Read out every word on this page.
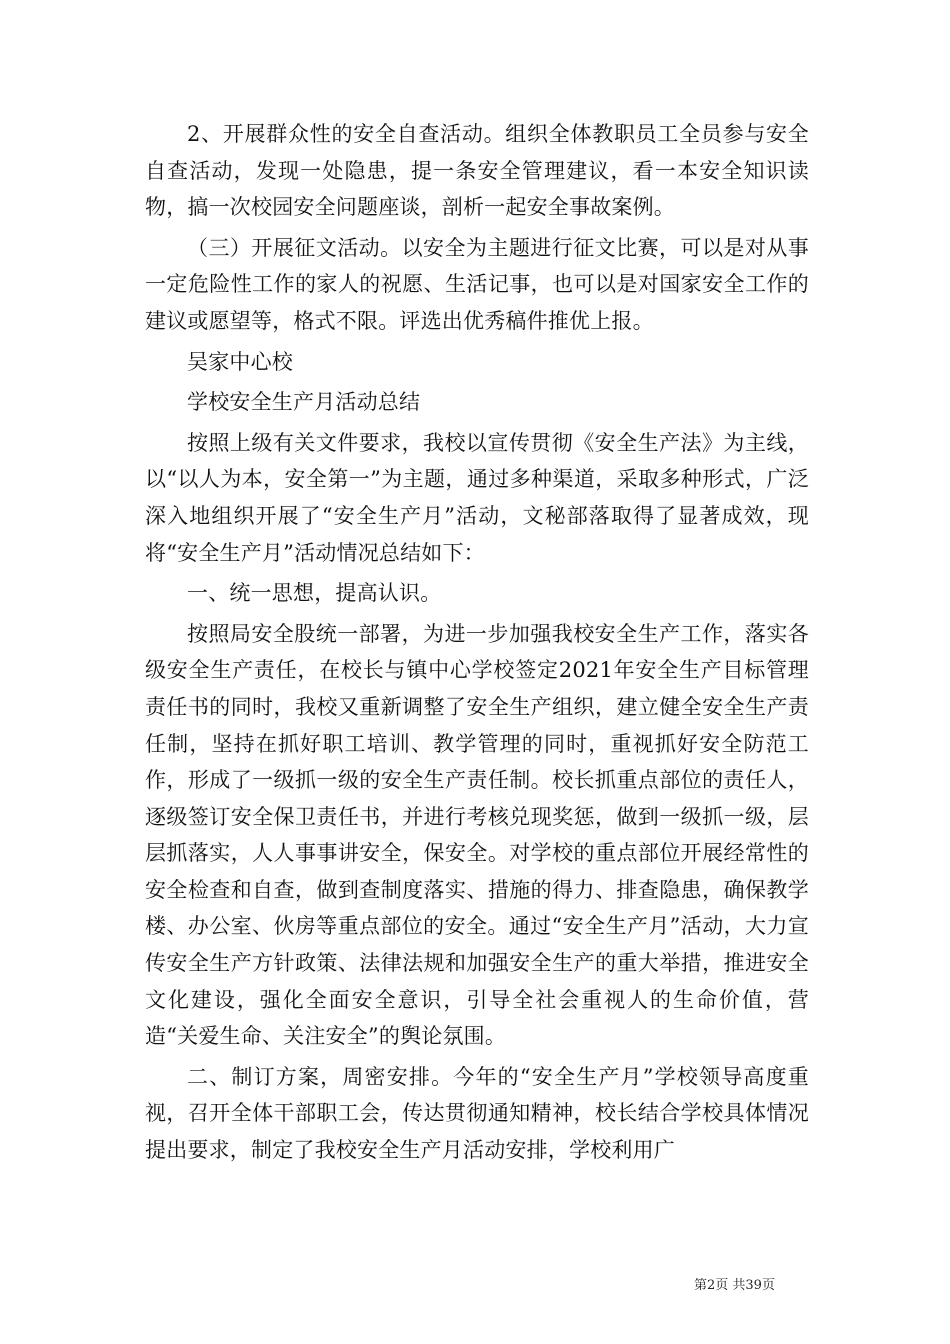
2、开展群众性的安全自查活动。组织全体教职员工全员参与安全自查活动，发现一处隐患，提一条安全管理建议，看一本安全知识读物，搞一次校园安全问题座谈，剖析一起安全事故案例。

（三）开展征文活动。以安全为主题进行征文比赛，可以是对从事一定危险性工作的家人的祝愿、生活记事，也可以是对国家安全工作的建议或愿望等，格式不限。评选出优秀稿件推优上报。

吴家中心校

学校安全生产月活动总结

按照上级有关文件要求，我校以宣传贯彻《安全生产法》为主线，以“以人为本，安全第一”为主题，通过多种渠道，采取多种形式，广泛深入地组织开展了“安全生产月”活动，文秘部落取得了显著成效，现将“安全生产月”活动情况总结如下：

一、统一思想，提高认识。

按照局安全股统一部署，为进一步加强我校安全生产工作，落实各级安全生产责任，在校长与镇中心学校签定2021年安全生产目标管理责任书的同时，我校又重新调整了安全生产组织，建立健全安全生产责任制，坚持在抓好职工培训、教学管理的同时，重视抓好安全防范工作，形成了一级抓一级的安全生产责任制。校长抓重点部位的责任人，逐级签订安全保卫责任书，并进行考核兑现奖惩，做到一级抓一级，层层抓落实，人人事事讲安全，保安全。对学校的重点部位开展经常性的安全检查和自查，做到查制度落实、措施的得力、排查隐患，确保教学楼、办公室、伙房等重点部位的安全。通过“安全生产月”活动，大力宣传安全生产方针政策、法律法规和加强安全生产的重大举措，推进安全文化建设，强化全面安全意识，引导全社会重视人的生命价值，营造“关爱生命、关注安全”的舆论氛围。

二、制订方案，周密安排。今年的“安全生产月”学校领导高度重视，召开全体干部职工会，传达贯彻通知精神，校长结合学校具体情况提出要求，制定了我校安全生产月活动安排，学校利用广

第2页 共39页
